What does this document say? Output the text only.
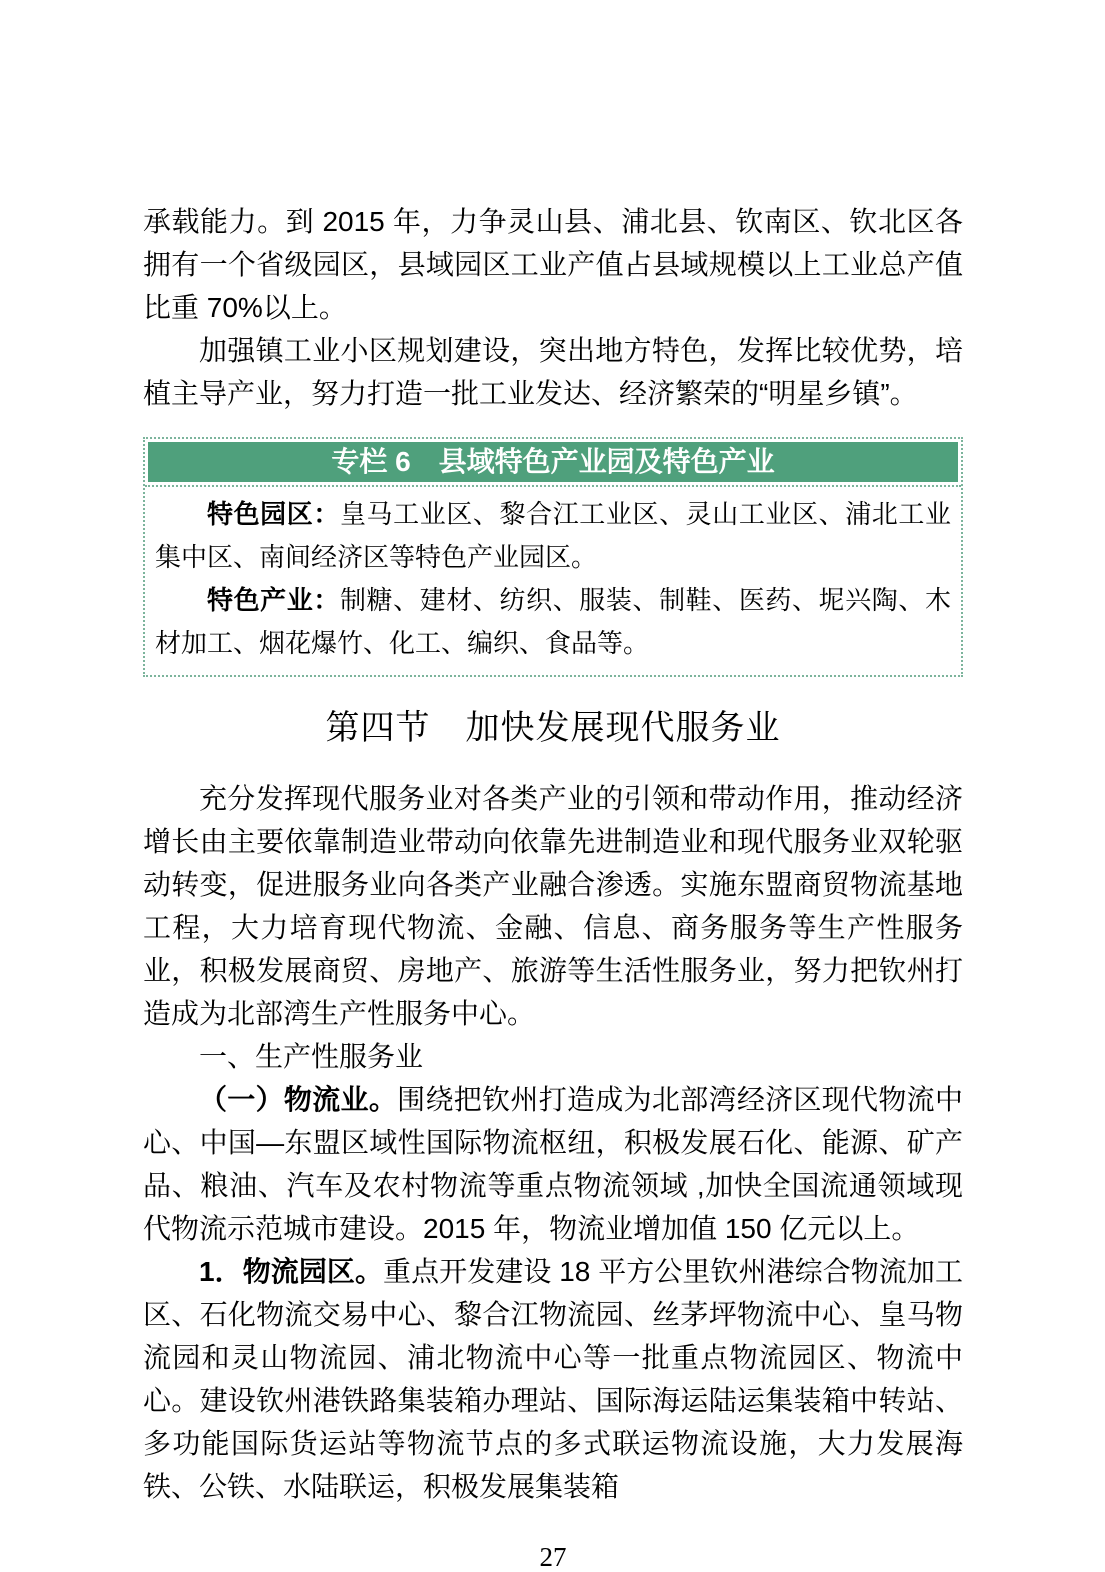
承载能力。到 2015 年，力争灵山县、浦北县、钦南区、钦北区各拥有一个省级园区，县域园区工业产值占县域规模以上工业总产值比重 70%以上。

加强镇工业小区规划建设，突出地方特色，发挥比较优势，培植主导产业，努力打造一批工业发达、经济繁荣的“明星乡镇”。

专栏 6　县域特色产业园及特色产业

特色园区：皇马工业区、黎合江工业区、灵山工业区、浦北工业集中区、南间经济区等特色产业园区。

特色产业：制糖、建材、纺织、服装、制鞋、医药、坭兴陶、木材加工、烟花爆竹、化工、编织、食品等。

第四节　加快发展现代服务业

充分发挥现代服务业对各类产业的引领和带动作用，推动经济增长由主要依靠制造业带动向依靠先进制造业和现代服务业双轮驱动转变，促进服务业向各类产业融合渗透。实施东盟商贸物流基地工程，大力培育现代物流、金融、信息、商务服务等生产性服务业，积极发展商贸、房地产、旅游等生活性服务业，努力把钦州打造成为北部湾生产性服务中心。

一、生产性服务业

（一）物流业。围绕把钦州打造成为北部湾经济区现代物流中心、中国—东盟区域性国际物流枢纽，积极发展石化、能源、矿产品、粮油、汽车及农村物流等重点物流领域 ,加快全国流通领域现代物流示范城市建设。2015 年，物流业增加值 150 亿元以上。

1．物流园区。重点开发建设 18 平方公里钦州港综合物流加工区、石化物流交易中心、黎合江物流园、丝茅坪物流中心、皇马物流园和灵山物流园、浦北物流中心等一批重点物流园区、物流中心。建设钦州港铁路集装箱办理站、国际海运陆运集装箱中转站、多功能国际货运站等物流节点的多式联运物流设施，大力发展海铁、公铁、水陆联运，积极发展集装箱

27
